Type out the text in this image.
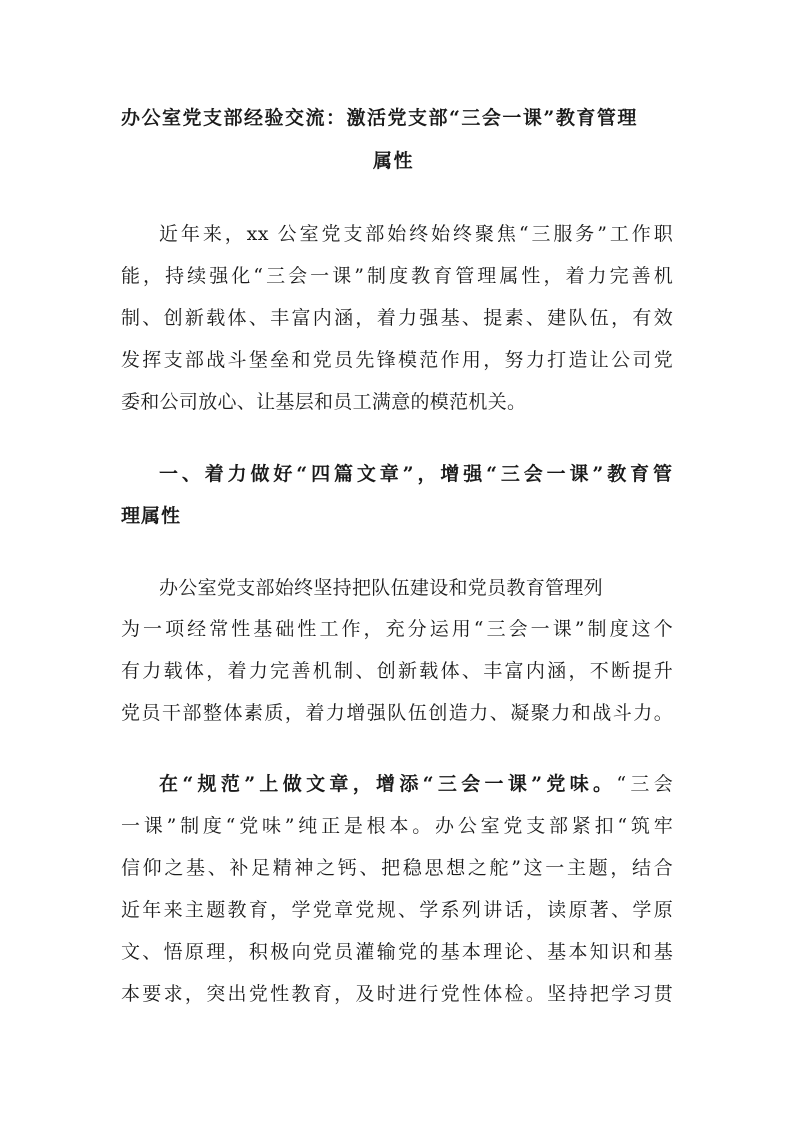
办公室党支部经验交流：激活党支部“三会一课”教育管理
属性
近年来，xx 公室党支部始终始终聚焦“三服务”工作职
能，持续强化“三会一课”制度教育管理属性，着力完善机
制、创新载体、丰富内涵，着力强基、提素、建队伍，有效
发挥支部战斗堡垒和党员先锋模范作用，努力打造让公司党
委和公司放心、让基层和员工满意的模范机关。
一、着力做好“四篇文章”，增强“三会一课”教育管
理属性
办公室党支部始终坚持把队伍建设和党员教育管理列
为一项经常性基础性工作，充分运用“三会一课”制度这个
有力载体，着力完善机制、创新载体、丰富内涵，不断提升
党员干部整体素质，着力增强队伍创造力、凝聚力和战斗力。
在“规范”上做文章，增添“三会一课”党味。“三会
一课”制度“党味”纯正是根本。办公室党支部紧扣“筑牢
信仰之基、补足精神之钙、把稳思想之舵”这一主题，结合
近年来主题教育，学党章党规、学系列讲话，读原著、学原
文、悟原理，积极向党员灌输党的基本理论、基本知识和基
本要求，突出党性教育，及时进行党性体检。坚持把学习贯
